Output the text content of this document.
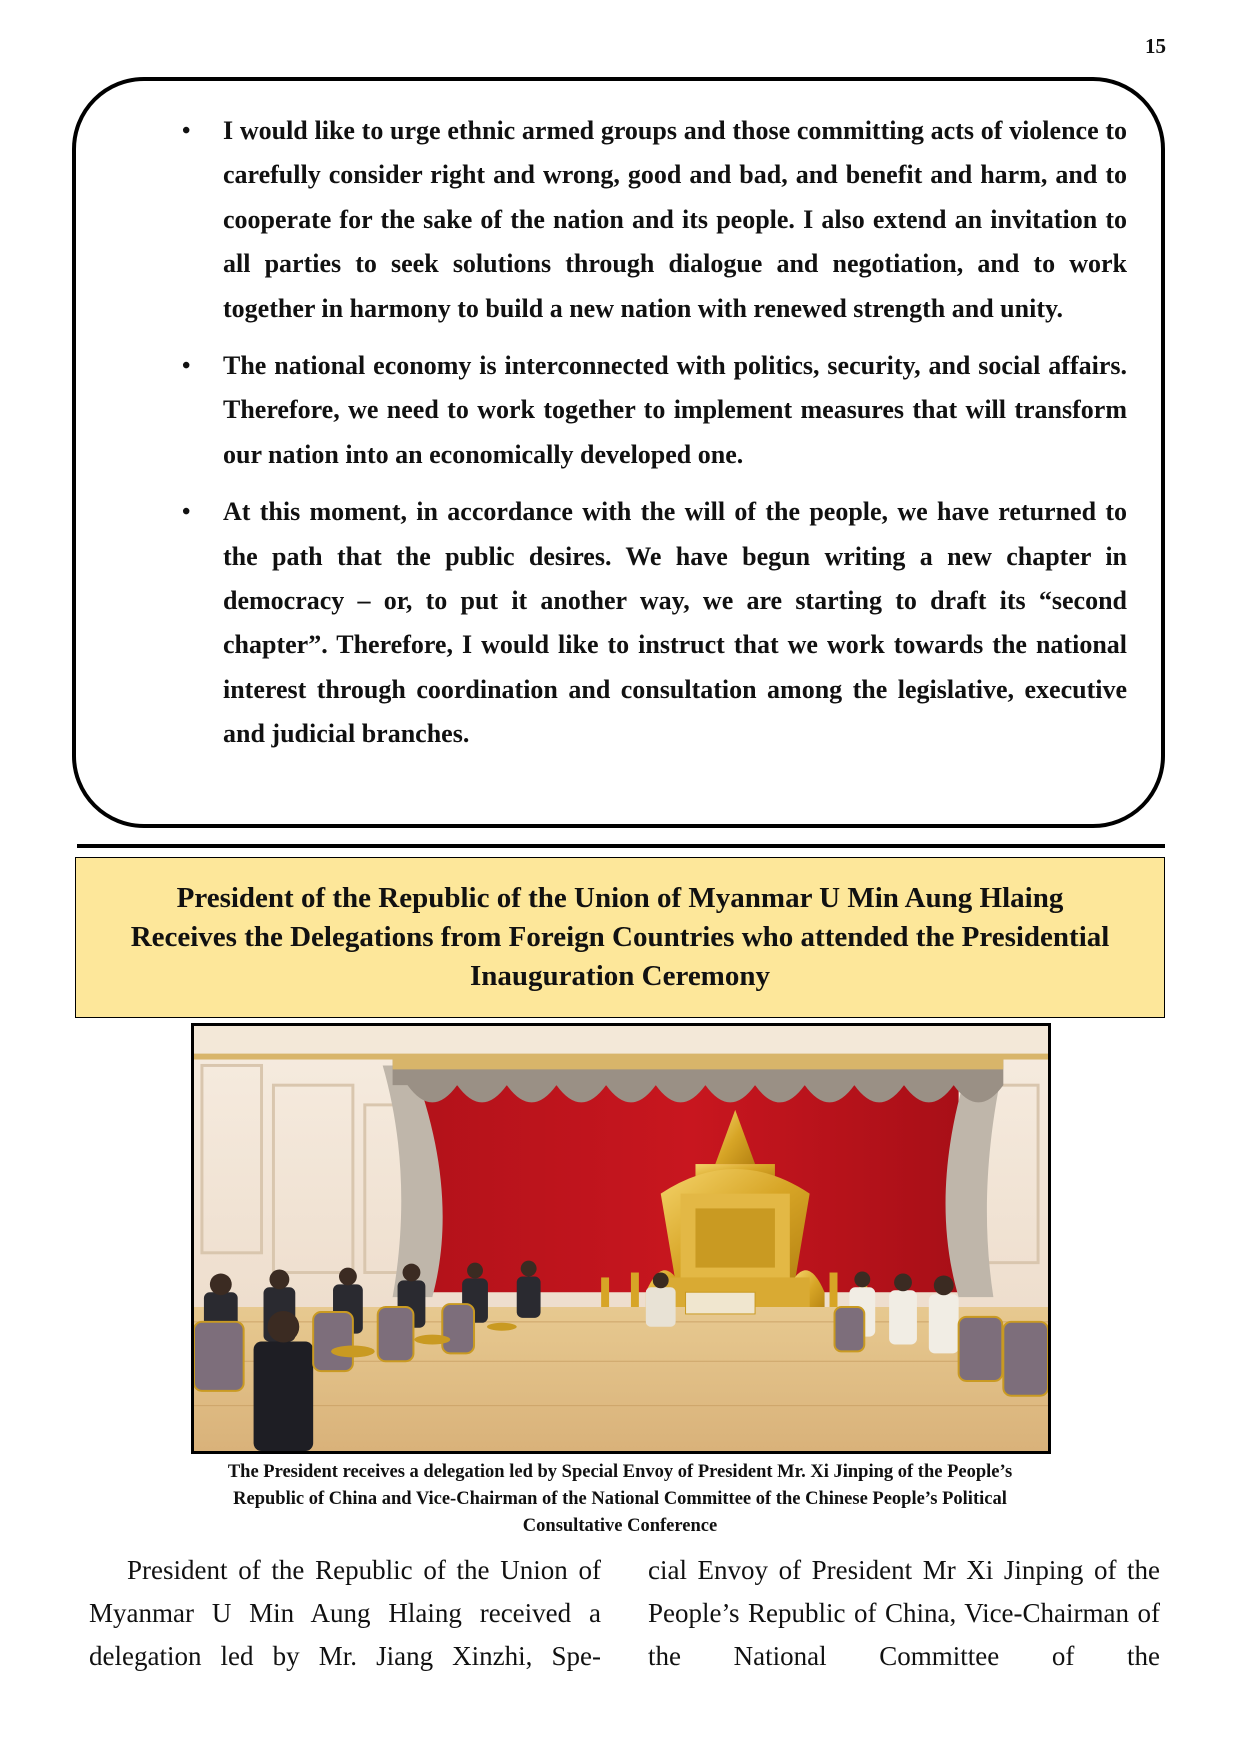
15
• I would like to urge ethnic armed groups and those committing acts of violence to carefully consider right and wrong, good and bad, and benefit and harm, and to cooperate for the sake of the nation and its people. I also extend an invitation to all parties to seek solutions through dialogue and negotiation, and to work together in harmony to build a new nation with renewed strength and unity.
• The national economy is interconnected with politics, security, and social affairs. Therefore, we need to work together to implement measures that will transform our nation into an economically developed one.
• At this moment, in accordance with the will of the people, we have returned to the path that the public desires. We have begun writing a new chapter in democracy – or, to put it another way, we are starting to draft its “second chapter”. Therefore, I would like to instruct that we work towards the national interest through coordination and consultation among the legislative, executive and judicial branches.
President of the Republic of the Union of Myanmar U Min Aung Hlaing
Receives the Delegations from Foreign Countries who attended the Presidential
Inauguration Ceremony

The President receives a delegation led by Special Envoy of President Mr. Xi Jinping of the People’s
Republic of China and Vice-Chairman of the National Committee of the Chinese People’s Political
Consultative Conference

President of the Republic of the Union of Myanmar U Min Aung Hlaing received a delegation led by Mr. Jiang Xinzhi, Spe-

cial Envoy of President Mr Xi Jinping of the People’s Republic of China, Vice-Chairman of the National Committee of the
